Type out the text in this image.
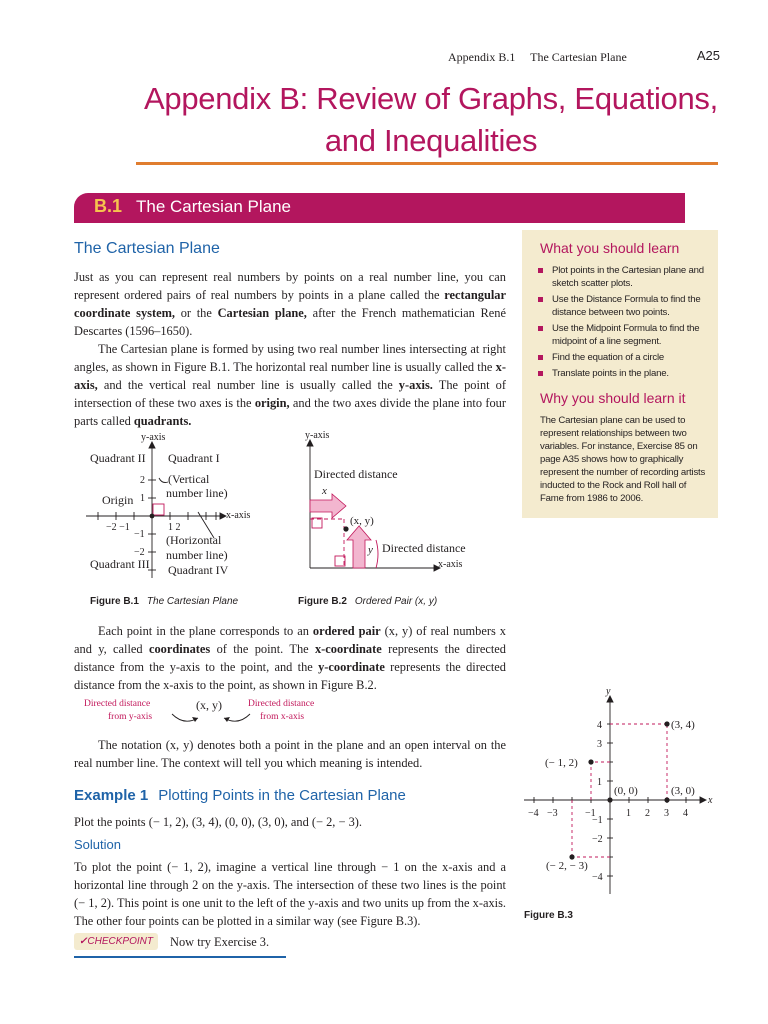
Appendix B.1 The Cartesian Plane	A25
Appendix B: Review of Graphs, Equations,
and Inequalities
B.1 The Cartesian Plane
What you should learn
Plot points in the Cartesian plane and sketch scatter plots.
Use the Distance Formula to find the distance between two points.
Use the Midpoint Formula to find the midpoint of a line segment.
Find the equation of a circle
Translate points in the plane.
Why you should learn it
The Cartesian plane can be used to represent relationships between two variables. For instance, Exercise 85 on page A35 shows how to graphically represent the number of recording artists inducted to the Rock and Roll hall of Fame from 1986 to 2006.
The Cartesian Plane

Just as you can represent real numbers by points on a real number line, you can represent ordered pairs of real numbers by points in a plane called the rectangular coordinate system, or the Cartesian plane, after the French mathematician René Descartes (1596–1650).

The Cartesian plane is formed by using two real number lines intersecting at right angles, as shown in Figure B.1. The horizontal real number line is usually called the x-axis, and the vertical real number line is usually called the y-axis. The point of intersection of these two axes is the origin, and the two axes divide the plane into four parts called quadrants.

y-axis
x-axis
Quadrant II Quadrant I
(Vertical
number line)
Origin
2
1
−1
−2
−2 −1	1 2
(Horizontal
number line)
Quadrant III Quadrant IV
Figure B.1 The Cartesian Plane
y-axis
x-axis
Directed distance
x
(x, y)
y Directed distance
Figure B.2 Ordered Pair (x, y)

Each point in the plane corresponds to an ordered pair (x, y) of real numbers x and y, called coordinates of the point. The x-coordinate represents the directed distance from the y-axis to the point, and the y-coordinate represents the directed distance from the x-axis to the point, as shown in Figure B.2.

Directed distance
from y-axis
(x, y)	Directed distance
from x-axis

The notation (x, y) denotes both a point in the plane and an open interval on the real number line. The context will tell you which meaning is intended.

Example 1 Plotting Points in the Cartesian Plane
Plot the points (− 1, 2), (3, 4), (0, 0), (3, 0), and (− 2, − 3).
Solution
To plot the point (− 1, 2), imagine a vertical line through − 1 on the x-axis and a horizontal line through 2 on the y-axis. The intersection of these two lines is the point (− 1, 2). This point is one unit to the left of the y-axis and two units up from the x-axis. The other four points can be plotted in a similar way (see Figure B.3).
✓CHECKPOINT	Now try Exercise 3.
(3, 4)
(− 1, 2)
(0, 0)	(3, 0)
(− 2, − 3)
y
x
−4 −3	−1	1 2 3 4
4
3
1
−1
−2
−4
Figure B.3
